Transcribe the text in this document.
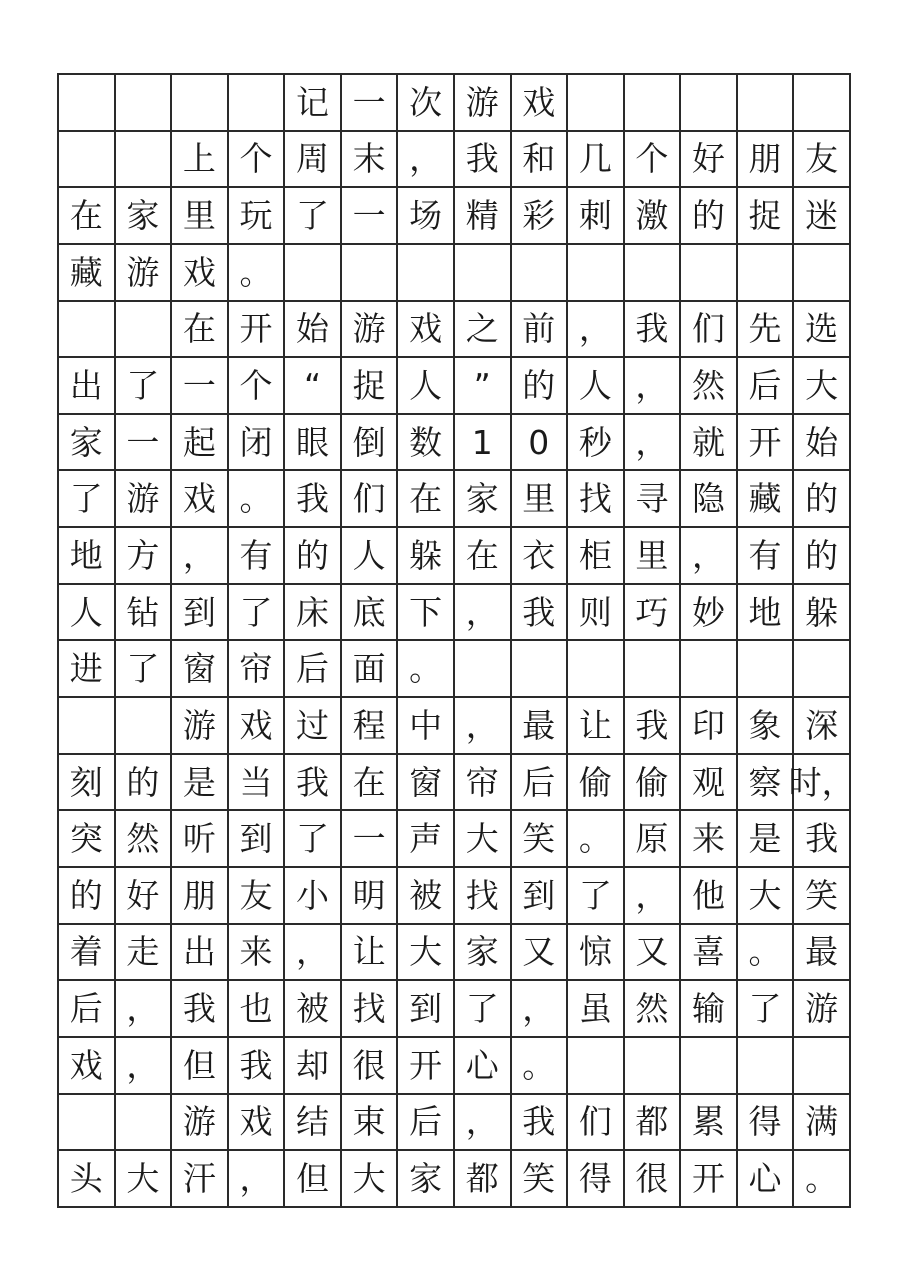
记 一 次 游 戏
上 个 周 末 ， 我 和 几 个 好 朋 友
在 家 里 玩 了 一 场 精 彩 刺 激 的 捉 迷
藏 游 戏 。
在 开 始 游 戏 之 前 ， 我 们 先 选
出 了 一 个 “ 捉 人 ” 的 人 ， 然 后 大
家 一 起 闭 眼 倒 数 1	0 秒 ， 就 开 始
了 游 戏 。 我 们 在 家 里 找 寻 隐 藏 的
地 方 ， 有 的 人 躲 在 衣 柜 里 ， 有 的
人 钻 到 了 床 底 下 ， 我 则 巧 妙 地 躲
进 了 窗 帘 后 面 。
游 戏 过 程 中 ， 最 让 我 印 象 深
刻 的 是 当 我 在 窗 帘 后 偷 偷 观 察 时，
突 然 听 到 了 一 声 大 笑 。 原 来 是 我
的 好 朋 友 小 明 被 找 到 了 ， 他 大 笑
着 走 出 来 ， 让 大 家 又 惊 又 喜 。 最
后 ， 我 也 被 找 到 了 ， 虽 然 输 了 游
戏 ， 但 我 却 很 开 心 。
游 戏 结 束 后 ， 我 们 都 累 得 满
头 大 汗 ， 但 大 家 都 笑 得 很 开 心 。
